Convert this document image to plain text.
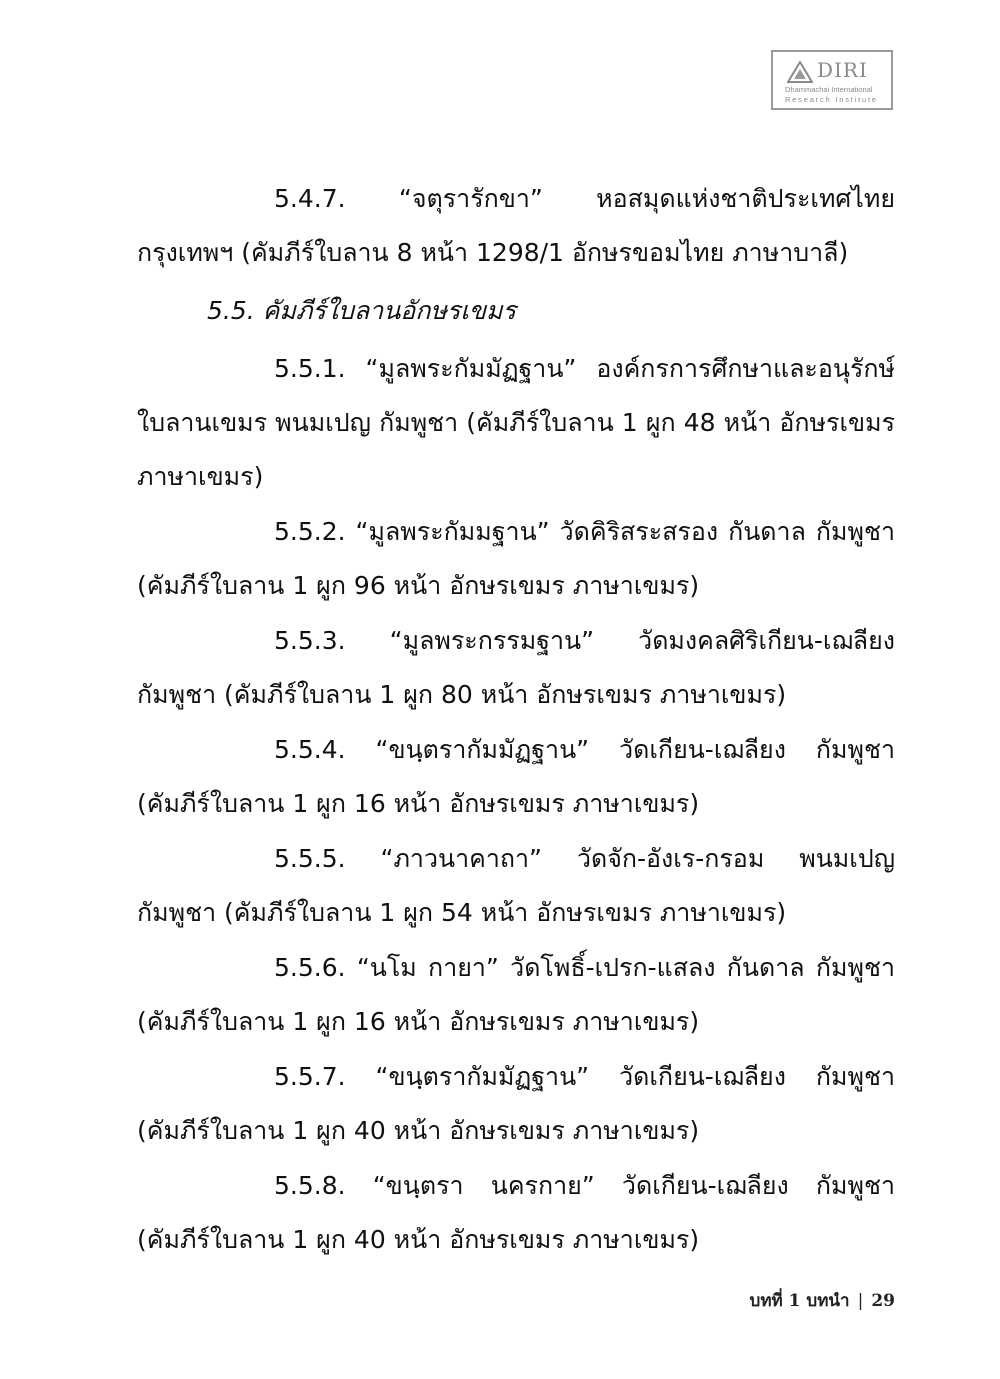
DIRI
Dhammachai International
Research Institute

5.4.7. “จตุรารักขา” หอสมุดแห่งชาติประเทศไทย กรุงเทพฯ (คัมภีร์ใบลาน 8 หน้า 1298/1 อักษรขอมไทย ภาษาบาลี)

5.5. คัมภีร์ใบลานอักษรเขมร

5.5.1. “มูลพระกัมมัฏฐาน” องค์กรการศึกษาและอนุรักษ์ใบลานเขมร พนมเปญ กัมพูชา (คัมภีร์ใบลาน 1 ผูก 48 หน้า อักษรเขมร ภาษาเขมร)

5.5.2. “มูลพระกัมมฐาน” วัดคิริสระสรอง กันดาล กัมพูชา (คัมภีร์ใบลาน 1 ผูก 96 หน้า อักษรเขมร ภาษาเขมร)

5.5.3. “มูลพระกรรมฐาน” วัดมงคลศิริเกียน-เฌลียง กัมพูชา (คัมภีร์ใบลาน 1 ผูก 80 หน้า อักษรเขมร ภาษาเขมร)

5.5.4. “ขนฺตรากัมมัฏฐาน” วัดเกียน-เฌลียง กัมพูชา (คัมภีร์ใบลาน 1 ผูก 16 หน้า อักษรเขมร ภาษาเขมร)

5.5.5. “ภาวนาคาถา” วัดจัก-อังเร-กรอม พนมเปญ กัมพูชา (คัมภีร์ใบลาน 1 ผูก 54 หน้า อักษรเขมร ภาษาเขมร)

5.5.6. “นโม กายา” วัดโพธิ์-เปรก-แสลง กันดาล กัมพูชา (คัมภีร์ใบลาน 1 ผูก 16 หน้า อักษรเขมร ภาษาเขมร)

5.5.7. “ขนฺตรากัมมัฏฐาน” วัดเกียน-เฌลียง กัมพูชา (คัมภีร์ใบลาน 1 ผูก 40 หน้า อักษรเขมร ภาษาเขมร)

5.5.8. “ขนฺตรา นครกาย” วัดเกียน-เฌลียง กัมพูชา (คัมภีร์ใบลาน 1 ผูก 40 หน้า อักษรเขมร ภาษาเขมร)

บทที่ 1 บทนำ | 29
